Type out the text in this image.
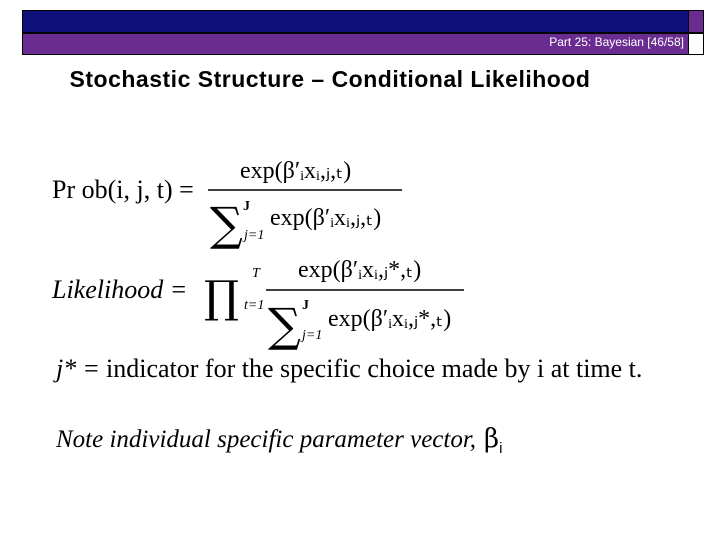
Part 25: Bayesian [46/58]
Stochastic Structure – Conditional Likelihood
Pr ob(i, j, t) =
exp(β′ᵢxᵢ,ⱼ,ₜ)
∑ J
j=1
exp(β′ᵢxᵢ,ⱼ,ₜ)
Likelihood = ∏ T
t=1
exp(β′ᵢxᵢ,ⱼ*,ₜ)
∑ J
j=1
exp(β′ᵢxᵢ,ⱼ*,ₜ)
j* = indicator for the specific choice made by i at time t.
Note individual specific parameter vector, $\beta_i$
